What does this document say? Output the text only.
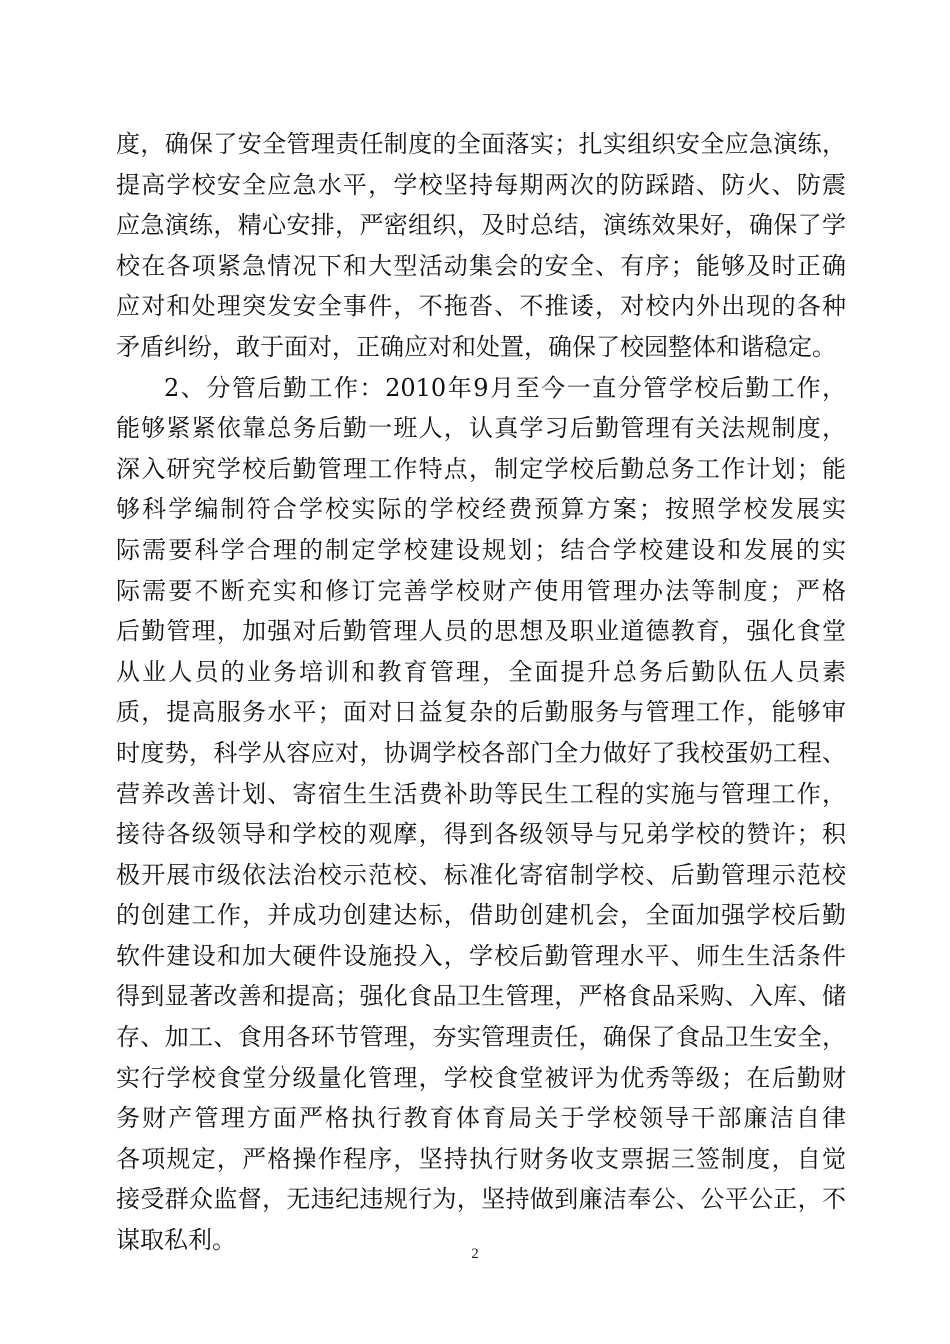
度，确保了安全管理责任制度的全面落实；扎实组织安全应急演练，
提高学校安全应急水平，学校坚持每期两次的防踩踏、防火、防震
应急演练，精心安排，严密组织，及时总结，演练效果好，确保了学
校在各项紧急情况下和大型活动集会的安全、有序；能够及时正确
应对和处理突发安全事件，不拖沓、不推诿，对校内外出现的各种
矛盾纠纷，敢于面对，正确应对和处置，确保了校园整体和谐稳定。
2、分管后勤工作：2010年9月至今一直分管学校后勤工作，
能够紧紧依靠总务后勤一班人，认真学习后勤管理有关法规制度，
深入研究学校后勤管理工作特点，制定学校后勤总务工作计划；能
够科学编制符合学校实际的学校经费预算方案；按照学校发展实
际需要科学合理的制定学校建设规划；结合学校建设和发展的实
际需要不断充实和修订完善学校财产使用管理办法等制度；严格
后勤管理，加强对后勤管理人员的思想及职业道德教育，强化食堂
从业人员的业务培训和教育管理，全面提升总务后勤队伍人员素
质，提高服务水平；面对日益复杂的后勤服务与管理工作，能够审
时度势，科学从容应对，协调学校各部门全力做好了我校蛋奶工程、
营养改善计划、寄宿生生活费补助等民生工程的实施与管理工作，
接待各级领导和学校的观摩，得到各级领导与兄弟学校的赞许；积
极开展市级依法治校示范校、标准化寄宿制学校、后勤管理示范校
的创建工作，并成功创建达标，借助创建机会，全面加强学校后勤
软件建设和加大硬件设施投入，学校后勤管理水平、师生生活条件
得到显著改善和提高；强化食品卫生管理，严格食品采购、入库、储
存、加工、食用各环节管理，夯实管理责任，确保了食品卫生安全，
实行学校食堂分级量化管理，学校食堂被评为优秀等级；在后勤财
务财产管理方面严格执行教育体育局关于学校领导干部廉洁自律
各项规定，严格操作程序，坚持执行财务收支票据三签制度，自觉
接受群众监督，无违纪违规行为，坚持做到廉洁奉公、公平公正，不
谋取私利。	2
